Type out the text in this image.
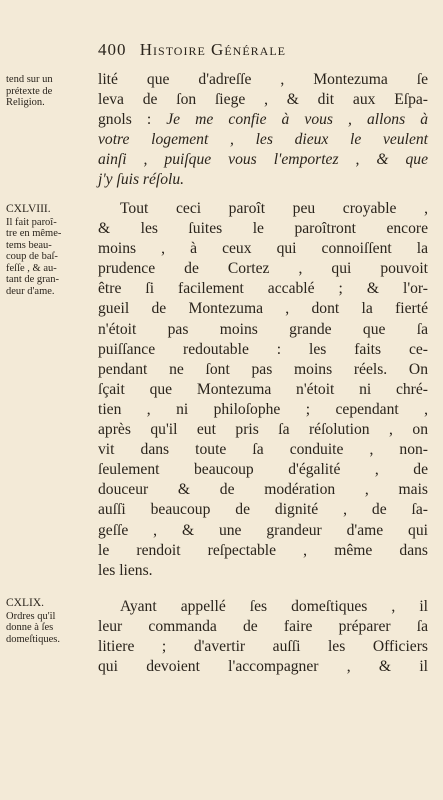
400 Histoire Générale
tend sur un
prétexte de
Religion.
CXLVIII.
Il fait paroî-
tre en même-
tems beau-
coup de baſ-
feſſe , & au-
tant de gran-
deur d'ame.
CXLIX.
Ordres qu'il
donne à ſes
domeſtiques.
lité que d'adreſſe , Montezuma ſe
leva de ſon ſiege , & dit aux Eſpa-
gnols : Je me confie à vous , allons à
votre logement , les dieux le veulent
ainſi , puiſque vous l'emportez , & que
j'y ſuis réſolu.
Tout ceci paroît peu croyable ,
& les ſuites le paroîtront encore
moins , à ceux qui connoiſſent la
prudence de Cortez , qui pouvoit
être ſi facilement accablé ; & l'or-
gueil de Montezuma , dont la fierté
n'étoit pas moins grande que ſa
puiſſance redoutable : les faits ce-
pendant ne ſont pas moins réels. On
ſçait que Montezuma n'étoit ni chré-
tien , ni philoſophe ; cependant ,
après qu'il eut pris ſa réſolution , on
vit dans toute ſa conduite , non-
ſeulement beaucoup d'égalité , de
douceur & de modération , mais
auſſi beaucoup de dignité , de ſa-
geſſe , & une grandeur d'ame qui
le rendoit reſpectable , même dans
les liens.
Ayant appellé ſes domeſtiques , il
leur commanda de faire préparer ſa
litiere ; d'avertir auſſi les Officiers
qui devoient l'accompagner , & il
